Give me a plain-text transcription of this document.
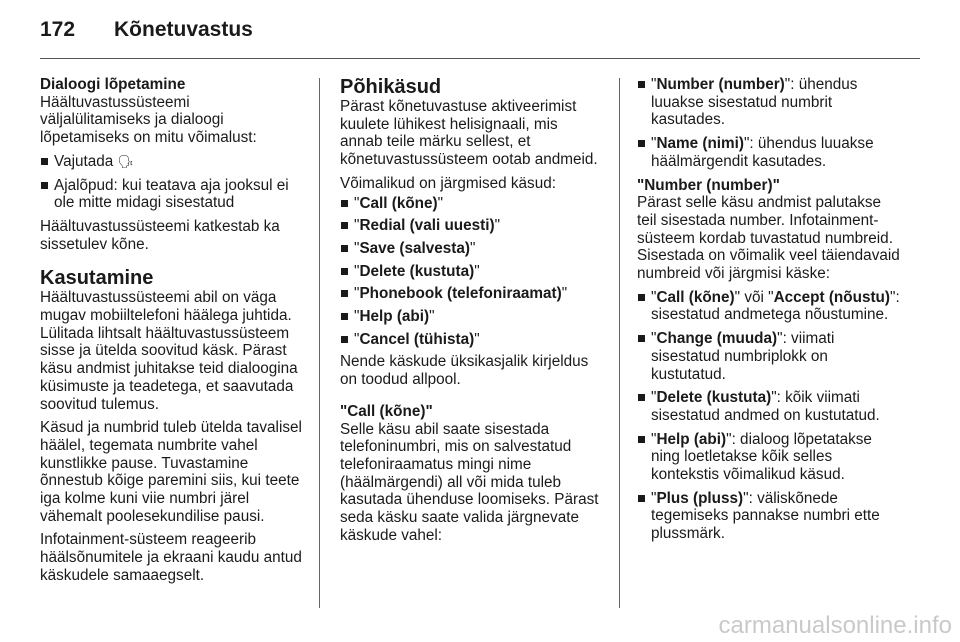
172 Kõnetuvastus

Dialoogi lõpetamine

Häältuvastussüsteemi väljalülitamiseks ja dialoogi lõpetamiseks on mitu võimalust:

Vajutada 🗣︎
Ajalõpud: kui teatava aja jooksul ei ole mitte midagi sisestatud

Häältuvastussüsteemi katkestab ka sissetulev kõne.

Kasutamine

Häältuvastussüsteemi abil on väga mugav mobiiltelefoni häälega juhtida. Lülitada lihtsalt häältuvastussüsteem sisse ja ütelda soovitud käsk. Pärast käsu andmist juhitakse teid dialoogina küsimuste ja teadetega, et saavutada soovitud tulemus.

Käsud ja numbrid tuleb ütelda tavalisel häälel, tegemata numbrite vahel kunstlikke pause. Tuvastamine õnnestub kõige paremini siis, kui teete iga kolme kuni viie numbri järel vähemalt poolesekundilise pausi.

Infotainment-süsteem reageerib häälsõnumitele ja ekraani kaudu antud käskudele samaaegselt.

Põhikäsud

Pärast kõnetuvastuse aktiveerimist kuulete lühikest helisignaali, mis annab teile märku sellest, et kõnetuvastussüsteem ootab andmeid.

Võimalikud on järgmised käsud:

"Call (kõne)"
"Redial (vali uuesti)"
"Save (salvesta)"
"Delete (kustuta)"
"Phonebook (telefoniraamat)"
"Help (abi)"
"Cancel (tühista)"

Nende käskude üksikasjalik kirjeldus on toodud allpool.

"Call (kõne)"

Selle käsu abil saate sisestada telefoninumbri, mis on salvestatud telefoniraamatus mingi nime (häälmärgendi) all või mida tuleb kasutada ühenduse loomiseks. Pärast seda käsku saate valida järgnevate käskude vahel:

"Number (number)": ühendus luuakse sisestatud numbrit kasutades.
"Name (nimi)": ühendus luuakse häälmärgendit kasutades.

"Number (number)"

Pärast selle käsu andmist palutakse teil sisestada number. Infotainment-süsteem kordab tuvastatud numbreid. Sisestada on võimalik veel täiendavaid numbreid või järgmisi käske:

"Call (kõne)" või "Accept (nõustu)": sisestatud andmetega nõustumine.
"Change (muuda)": viimati sisestatud numbriplokk on kustutatud.
"Delete (kustuta)": kõik viimati sisestatud andmed on kustutatud.
"Help (abi)": dialoog lõpetatakse ning loetletakse kõik selles kontekstis võimalikud käsud.
"Plus (pluss)": väliskõnede tegemiseks pannakse numbri ette plussmärk.
carmanualsonline.info
